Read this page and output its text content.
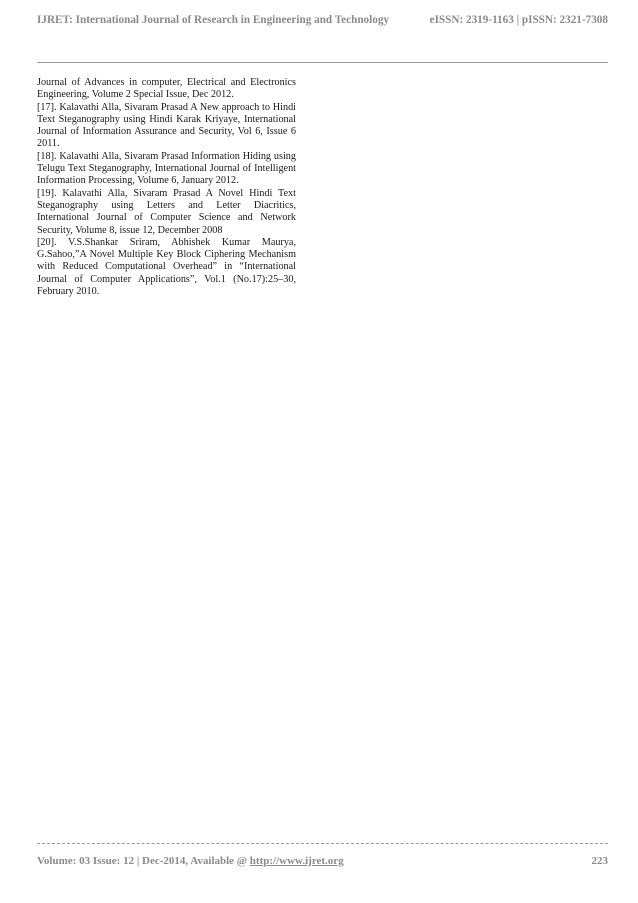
IJRET: International Journal of Research in Engineering and Technology	eISSN: 2319-1163 | pISSN: 2321-7308

Journal of Advances in computer, Electrical and Electronics Engineering, Volume 2 Special Issue, Dec 2012.

[17]. Kalavathi Alla, Sivaram Prasad A New approach to Hindi Text Steganography using Hindi Karak Kriyaye, International Journal of Information Assurance and Security, Vol 6, Issue 6 2011.

[18]. Kalavathi Alla, Sivaram Prasad Information Hiding using Telugu Text Steganography, International Journal of Intelligent Information Processing, Volume 6, January 2012.

[19]. Kalavathi Alla, Sivaram Prasad A Novel Hindi Text Steganography using Letters and Letter Diacritics, International Journal of Computer Science and Network Security, Volume 8, issue 12, December 2008

[20]. V.S.Shankar Sriram, Abhishek Kumar Maurya, G.Sahoo,”A Novel Multiple Key Block Ciphering Mechanism with Reduced Computational Overhead” in “International Journal of Computer Applications”, Vol.1 (No.17):25–30, February 2010.

Volume: 03 Issue: 12 | Dec-2014, Available @ http://www.ijret.org	223
